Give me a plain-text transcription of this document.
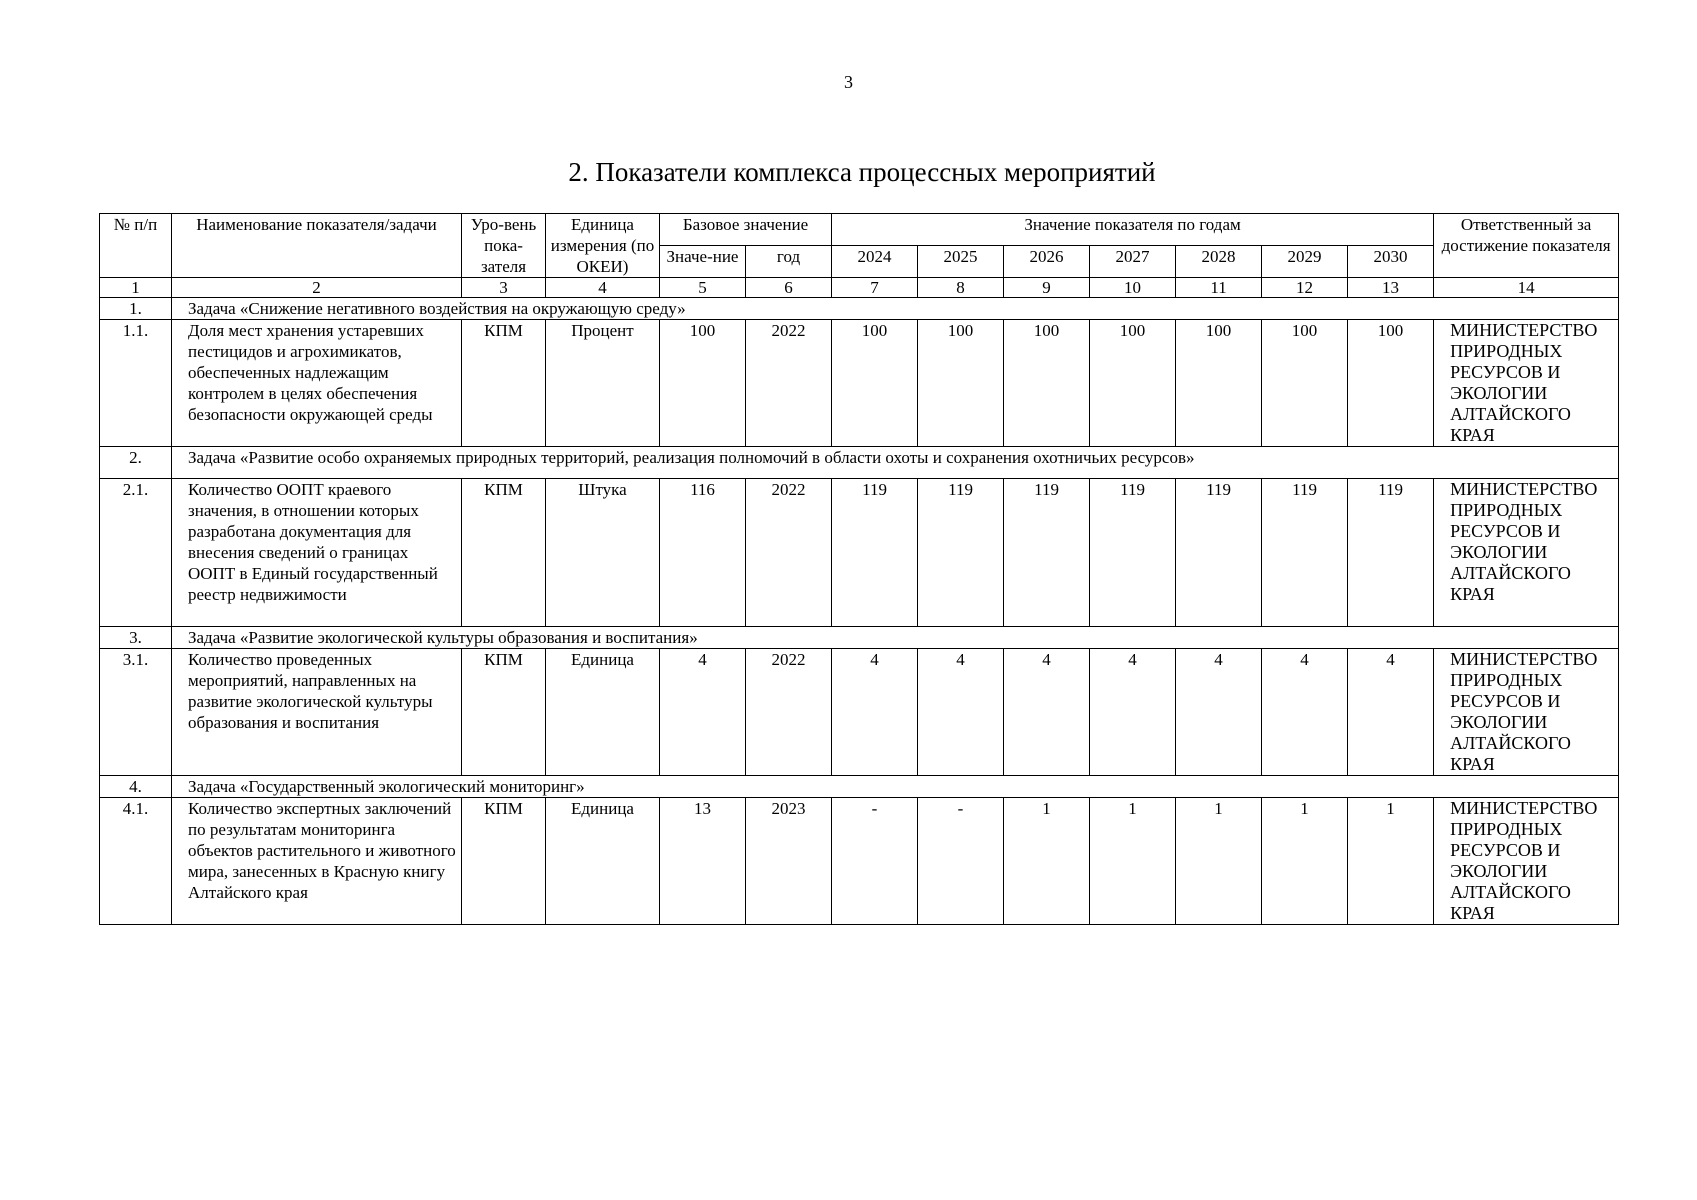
3
2. Показатели комплекса процессных мероприятий
№ п/п	Наименование показателя/задачи	Уро-вень пока-зателя	Единица измерения (по ОКЕИ)	Базовое значение		Значение показателя по годам							Ответственный за достижение показателя
				Значе-ние	год	2024	2025	2026	2027	2028	2029	2030	
1	2	3	4	5	6	7	8	9	10	11	12	13	14
1.	Задача «Снижение негативного воздействия на окружающую среду»												
1.1.	Доля мест хранения устаревших пестицидов и агрохимикатов, обеспеченных надлежащим контролем в целях обеспечения безопасности окружающей среды	КПМ	Процент	100	2022	100	100	100	100	100	100	100	МИНИСТЕРСТВО ПРИРОДНЫХ РЕСУРСОВ И ЭКОЛОГИИ АЛТАЙСКОГО КРАЯ
2.	Задача «Развитие особо охраняемых природных территорий, реализация полномочий в области охоты и сохранения охотничьих ресурсов»												
2.1.	Количество ООПТ краевого значения, в отношении которых разработана документация для внесения сведений о границах ООПТ в Единый государственный реестр недвижимости	КПМ	Штука	116	2022	119	119	119	119	119	119	119	МИНИСТЕРСТВО ПРИРОДНЫХ РЕСУРСОВ И ЭКОЛОГИИ АЛТАЙСКОГО КРАЯ
3.	Задача «Развитие экологической культуры образования и воспитания»												
3.1.	Количество проведенных мероприятий, направленных на развитие экологической культуры образования и воспитания	КПМ	Единица	4	2022	4	4	4	4	4	4	4	МИНИСТЕРСТВО ПРИРОДНЫХ РЕСУРСОВ И ЭКОЛОГИИ АЛТАЙСКОГО КРАЯ
4.	Задача «Государственный экологический мониторинг»												
4.1.	Количество экспертных заключений по результатам мониторинга объектов растительного и животного мира, занесенных в Красную книгу Алтайского края	КПМ	Единица	13	2023	-	-	1	1	1	1	1	МИНИСТЕРСТВО ПРИРОДНЫХ РЕСУРСОВ И ЭКОЛОГИИ АЛТАЙСКОГО КРАЯ
